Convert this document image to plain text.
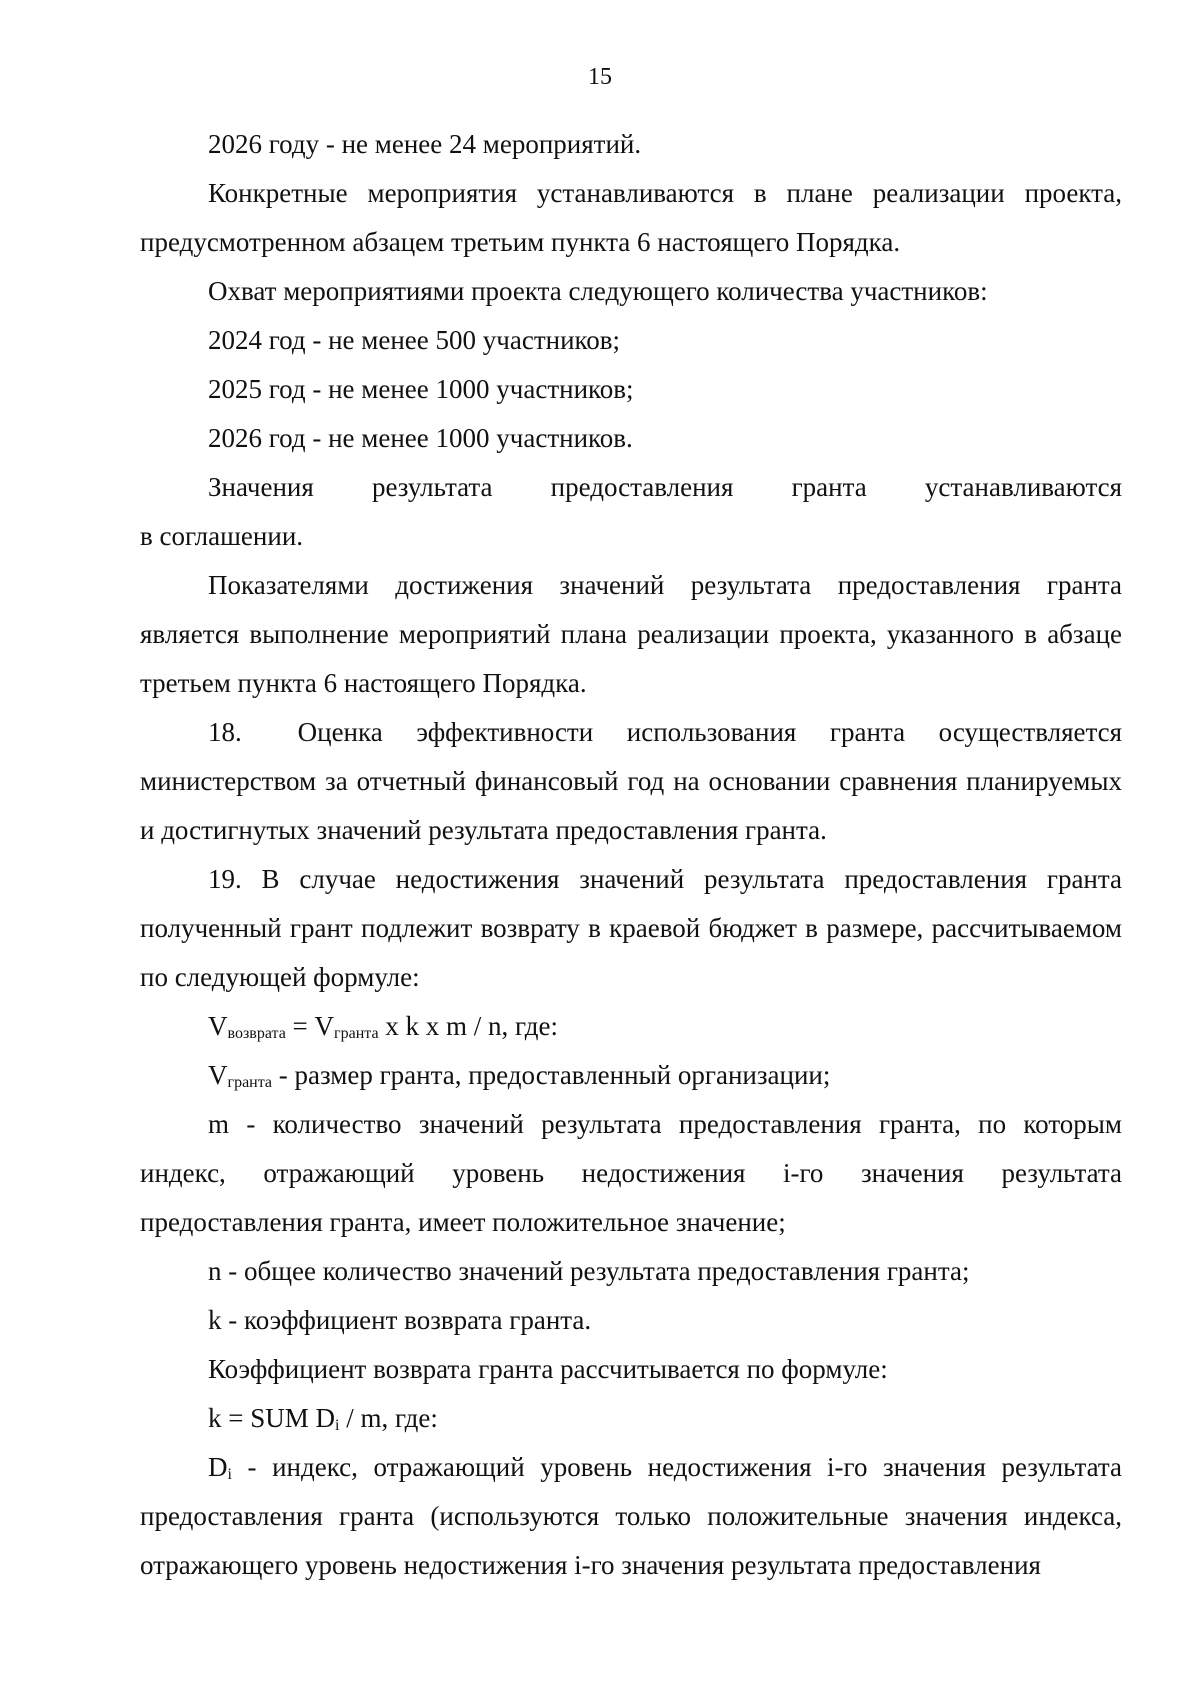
15

2026 году - не менее 24 мероприятий.

Конкретные мероприятия устанавливаются в плане реализации проекта, предусмотренном абзацем третьим пункта 6 настоящего Порядка.

Охват мероприятиями проекта следующего количества участников:

2024 год - не менее 500 участников;

2025 год - не менее 1000 участников;

2026 год - не менее 1000 участников.

Значения результата предоставления гранта устанавливаются

в соглашении.

Показателями достижения значений результата предоставления гранта является выполнение мероприятий плана реализации проекта, указанного в абзаце третьем пункта 6 настоящего Порядка.

18. Оценка эффективности использования гранта осуществляется министерством за отчетный финансовый год на основании сравнения планируемых и достигнутых значений результата предоставления гранта.

19. В случае недостижения значений результата предоставления гранта полученный грант подлежит возврату в краевой бюджет в размере, рассчитываемом по следующей формуле:

$V_{возврата} = V_{гранта}$ x k x m / n, где:

$V_{гранта}$ - размер гранта, предоставленный организации;

m - количество значений результата предоставления гранта, по которым индекс, отражающий уровень недостижения i-го значения результата предоставления гранта, имеет положительное значение;

n - общее количество значений результата предоставления гранта;

k - коэффициент возврата гранта.

Коэффициент возврата гранта рассчитывается по формуле:

k = SUM $D_i$ / m, где:

$D_i$ - индекс, отражающий уровень недостижения i-го значения результата предоставления гранта (используются только положительные значения индекса, отражающего уровень недостижения i-го значения результата предоставления
